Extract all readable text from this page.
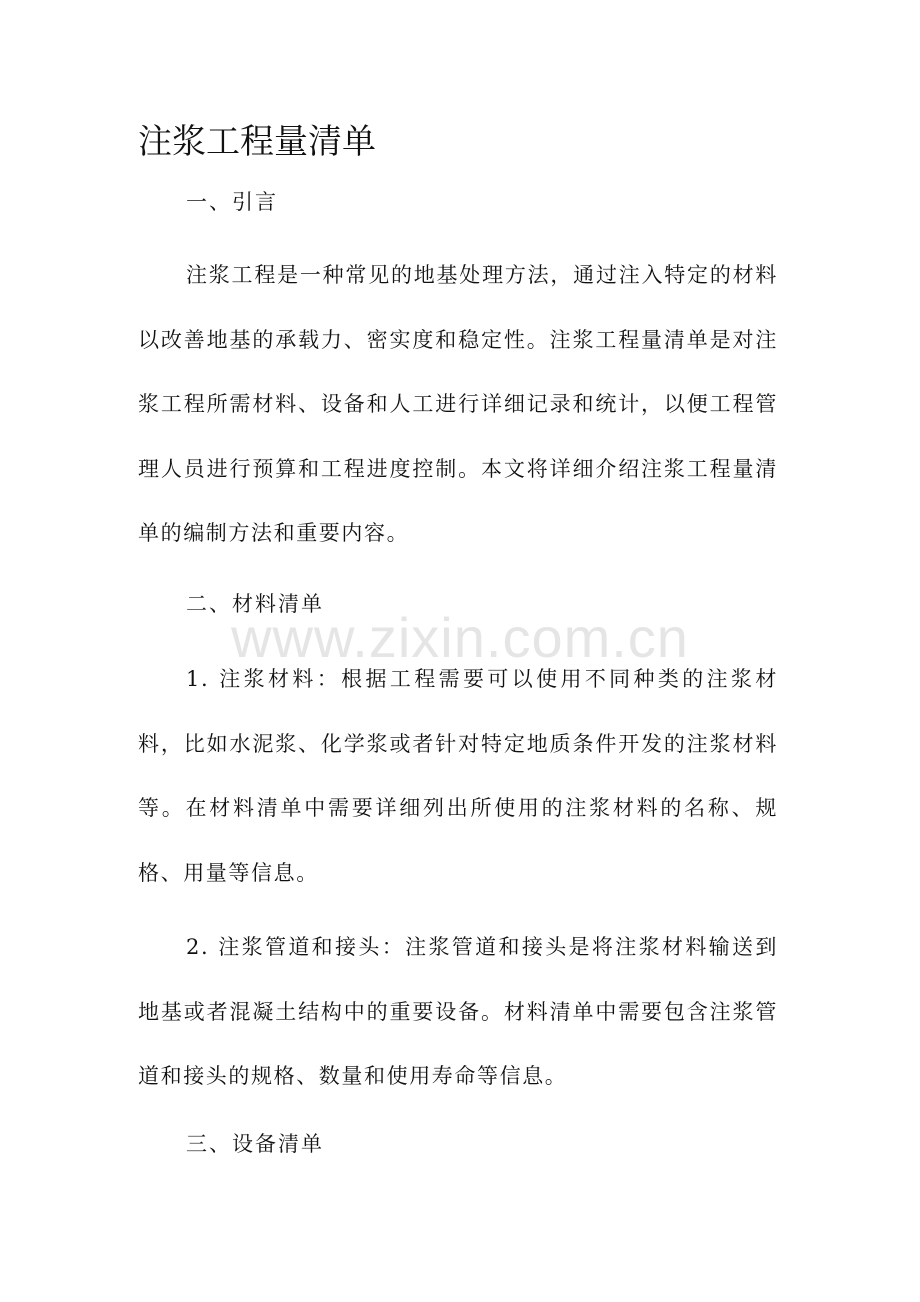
注浆工程量清单

一、引言

注浆工程是一种常见的地基处理方法，通过注入特定的材料以改善地基的承载力、密实度和稳定性。注浆工程量清单是对注浆工程所需材料、设备和人工进行详细记录和统计，以便工程管理人员进行预算和工程进度控制。本文将详细介绍注浆工程量清单的编制方法和重要内容。

二、材料清单

1. 注浆材料：根据工程需要可以使用不同种类的注浆材料，比如水泥浆、化学浆或者针对特定地质条件开发的注浆材料等。在材料清单中需要详细列出所使用的注浆材料的名称、规格、用量等信息。

2. 注浆管道和接头：注浆管道和接头是将注浆材料输送到地基或者混凝土结构中的重要设备。材料清单中需要包含注浆管道和接头的规格、数量和使用寿命等信息。

三、设备清单

www.zixin.com.cn
